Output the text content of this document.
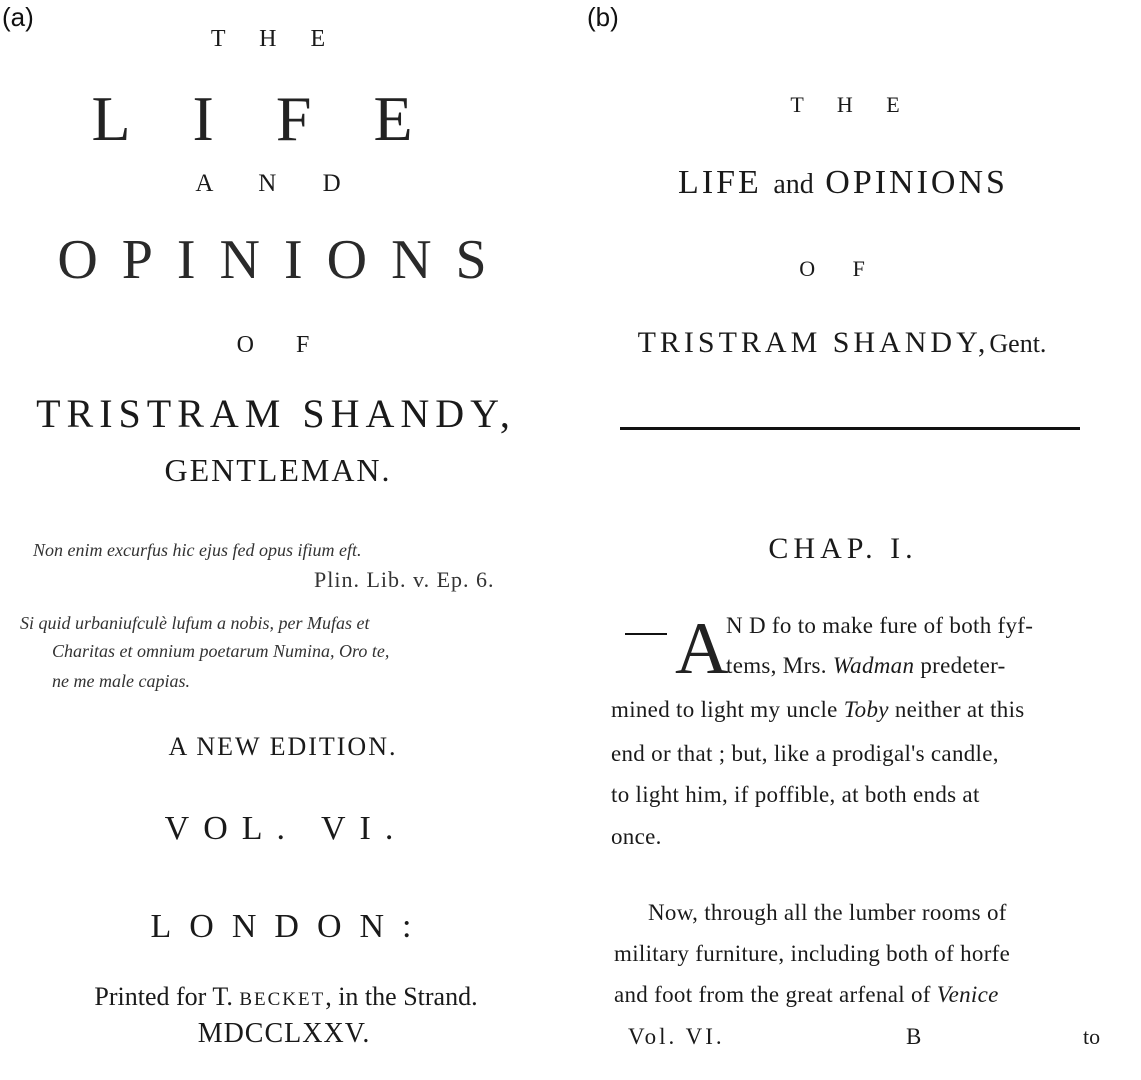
(a)
T H E
LIFE
A N D
OPINIONS
O F
TRISTRAM SHANDY,
GENTLEMAN.
Non enim excurfus hic ejus fed opus ifium eft.
Plin. Lib. v. Ep. 6.
Si quid urbaniufculè lufum a nobis, per Mufas et
Charitas et omnium poetarum Numina, Oro te,
ne me male capias.
A NEW EDITION.
VOL. VI.
LONDON:
Printed for T. BECKET, in the Strand.
MDCCLXXV.
(b)
T H E
LIFE and OPINIONS
O F
TRISTRAM SHANDY,Gent.
CHAP. I.
A
N D fo to make fure of both fyf-
tems, Mrs. Wadman predeter-
mined to light my uncle Toby neither at this
end or that ; but, like a prodigal's candle,
to light him, if poffible, at both ends at
once.
Now, through all the lumber rooms of
military furniture, including both of horfe
and foot from the great arfenal of Venice
Vol. VI.	B	to
